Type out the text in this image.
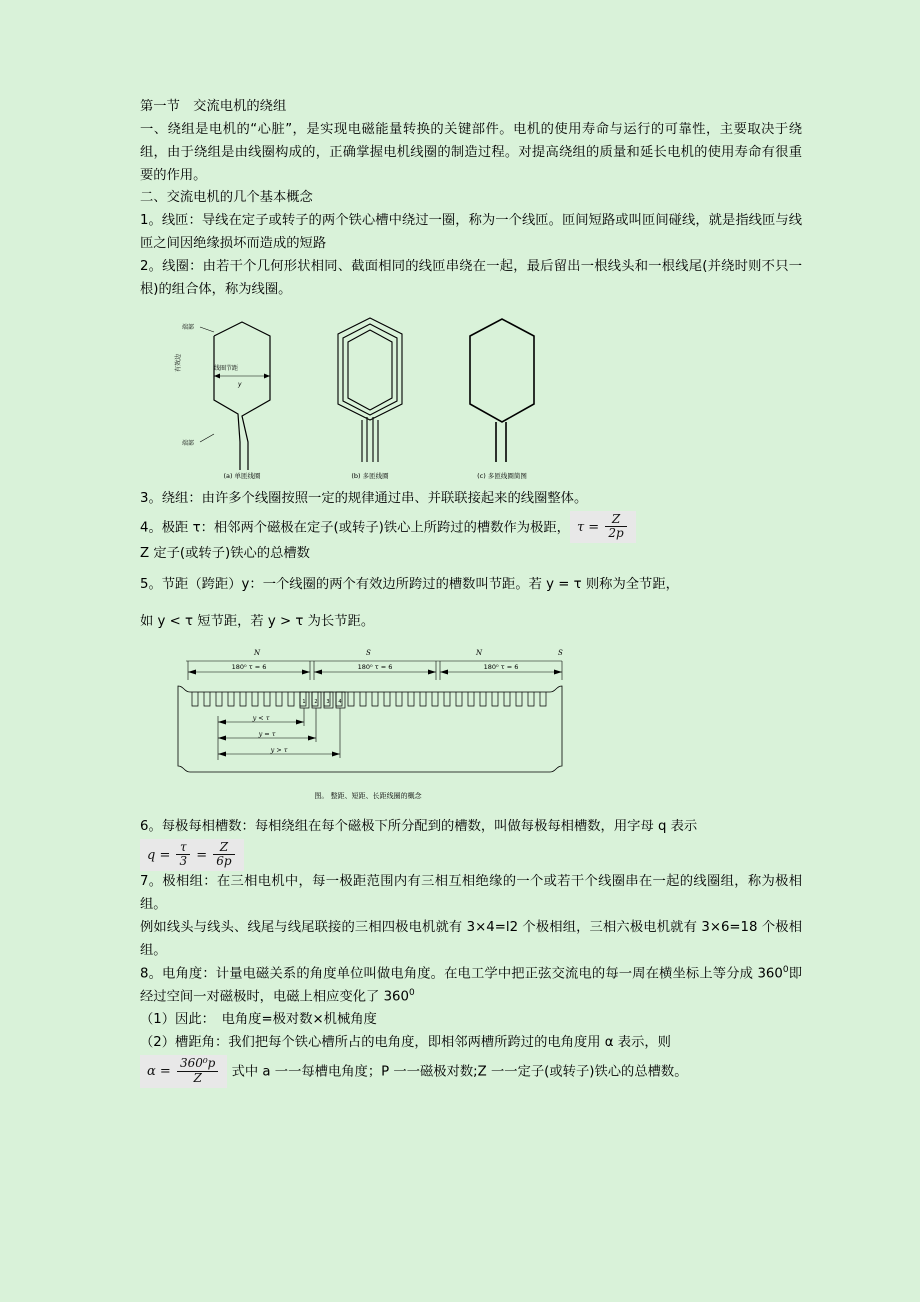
第一节　交流电机的绕组

一、绕组是电机的“心脏”，是实现电磁能量转换的关键部件。电机的使用寿命与运行的可靠性，主要取决于绕组，由于绕组是由线圈构成的，正确掌握电机线圈的制造过程。对提高绕组的质量和延长电机的使用寿命有很重要的作用。

二、交流电机的几个基本概念

1。线匝：导线在定子或转子的两个铁心槽中绕过一圈，称为一个线匝。匝间短路或叫匝间碰线，就是指线匝与线匝之间因绝缘损坏而造成的短路

2。线圈：由若干个几何形状相同、截面相同的线匝串绕在一起，最后留出一根线头和一根线尾(并绕时则不只一根)的组合体，称为线圈。

端部
有效边
端部
线圈节距
y
(a) 单匝线圈	(b) 多匝线圈	(c) 多匝线圈简图

3。绕组：由许多个线圈按照一定的规律通过串、并联联接起来的线圈整体。

4。极距 τ：相邻两个磁极在定子(或转子)铁心上所跨过的槽数作为极距， $\tau = \frac{Z}{2p}$

Z 定子(或转子)铁心的总槽数

5。节距（跨距）y：一个线圈的两个有效边所跨过的槽数叫节距。若 y = τ 则称为全节距，

如 y < τ 短节距，若 y > τ 为长节距。

N	S	N	S
180⁰ τ = 6	180⁰ τ = 6	180⁰ τ = 6
1 2 3 4
y < τ
y = τ
y > τ
图。 整距、短距、长距线圈的概念

6。每极每相槽数：每相绕组在每个磁极下所分配到的槽数，叫做每极每相槽数，用字母 q 表示

$q = \frac{\tau}{3} = \frac{Z}{6p}$

7。极相组：在三相电机中，每一极距范围内有三相互相绝缘的一个或若干个线圈串在一起的线圈组，称为极相组。

例如线头与线头、线尾与线尾联接的三相四极电机就有 3×4=l2 个极相组，三相六极电机就有 3×6=18 个极相组。

8。电角度：计量电磁关系的角度单位叫做电角度。在电工学中把正弦交流电的每一周在横坐标上等分成 $360^0$即经过空间一对磁极时，电磁上相应变化了 $360^0$

（1）因此：　电角度=极对数×机械角度

（2）槽距角：我们把每个铁心槽所占的电角度，即相邻两槽所跨过的电角度用 α 表示，则

$\alpha = \frac{\text{360⁰p}}{Z}$ 式中 a 一一每槽电角度；P 一一磁极对数;Z 一一定子(或转子)铁心的总槽数。
